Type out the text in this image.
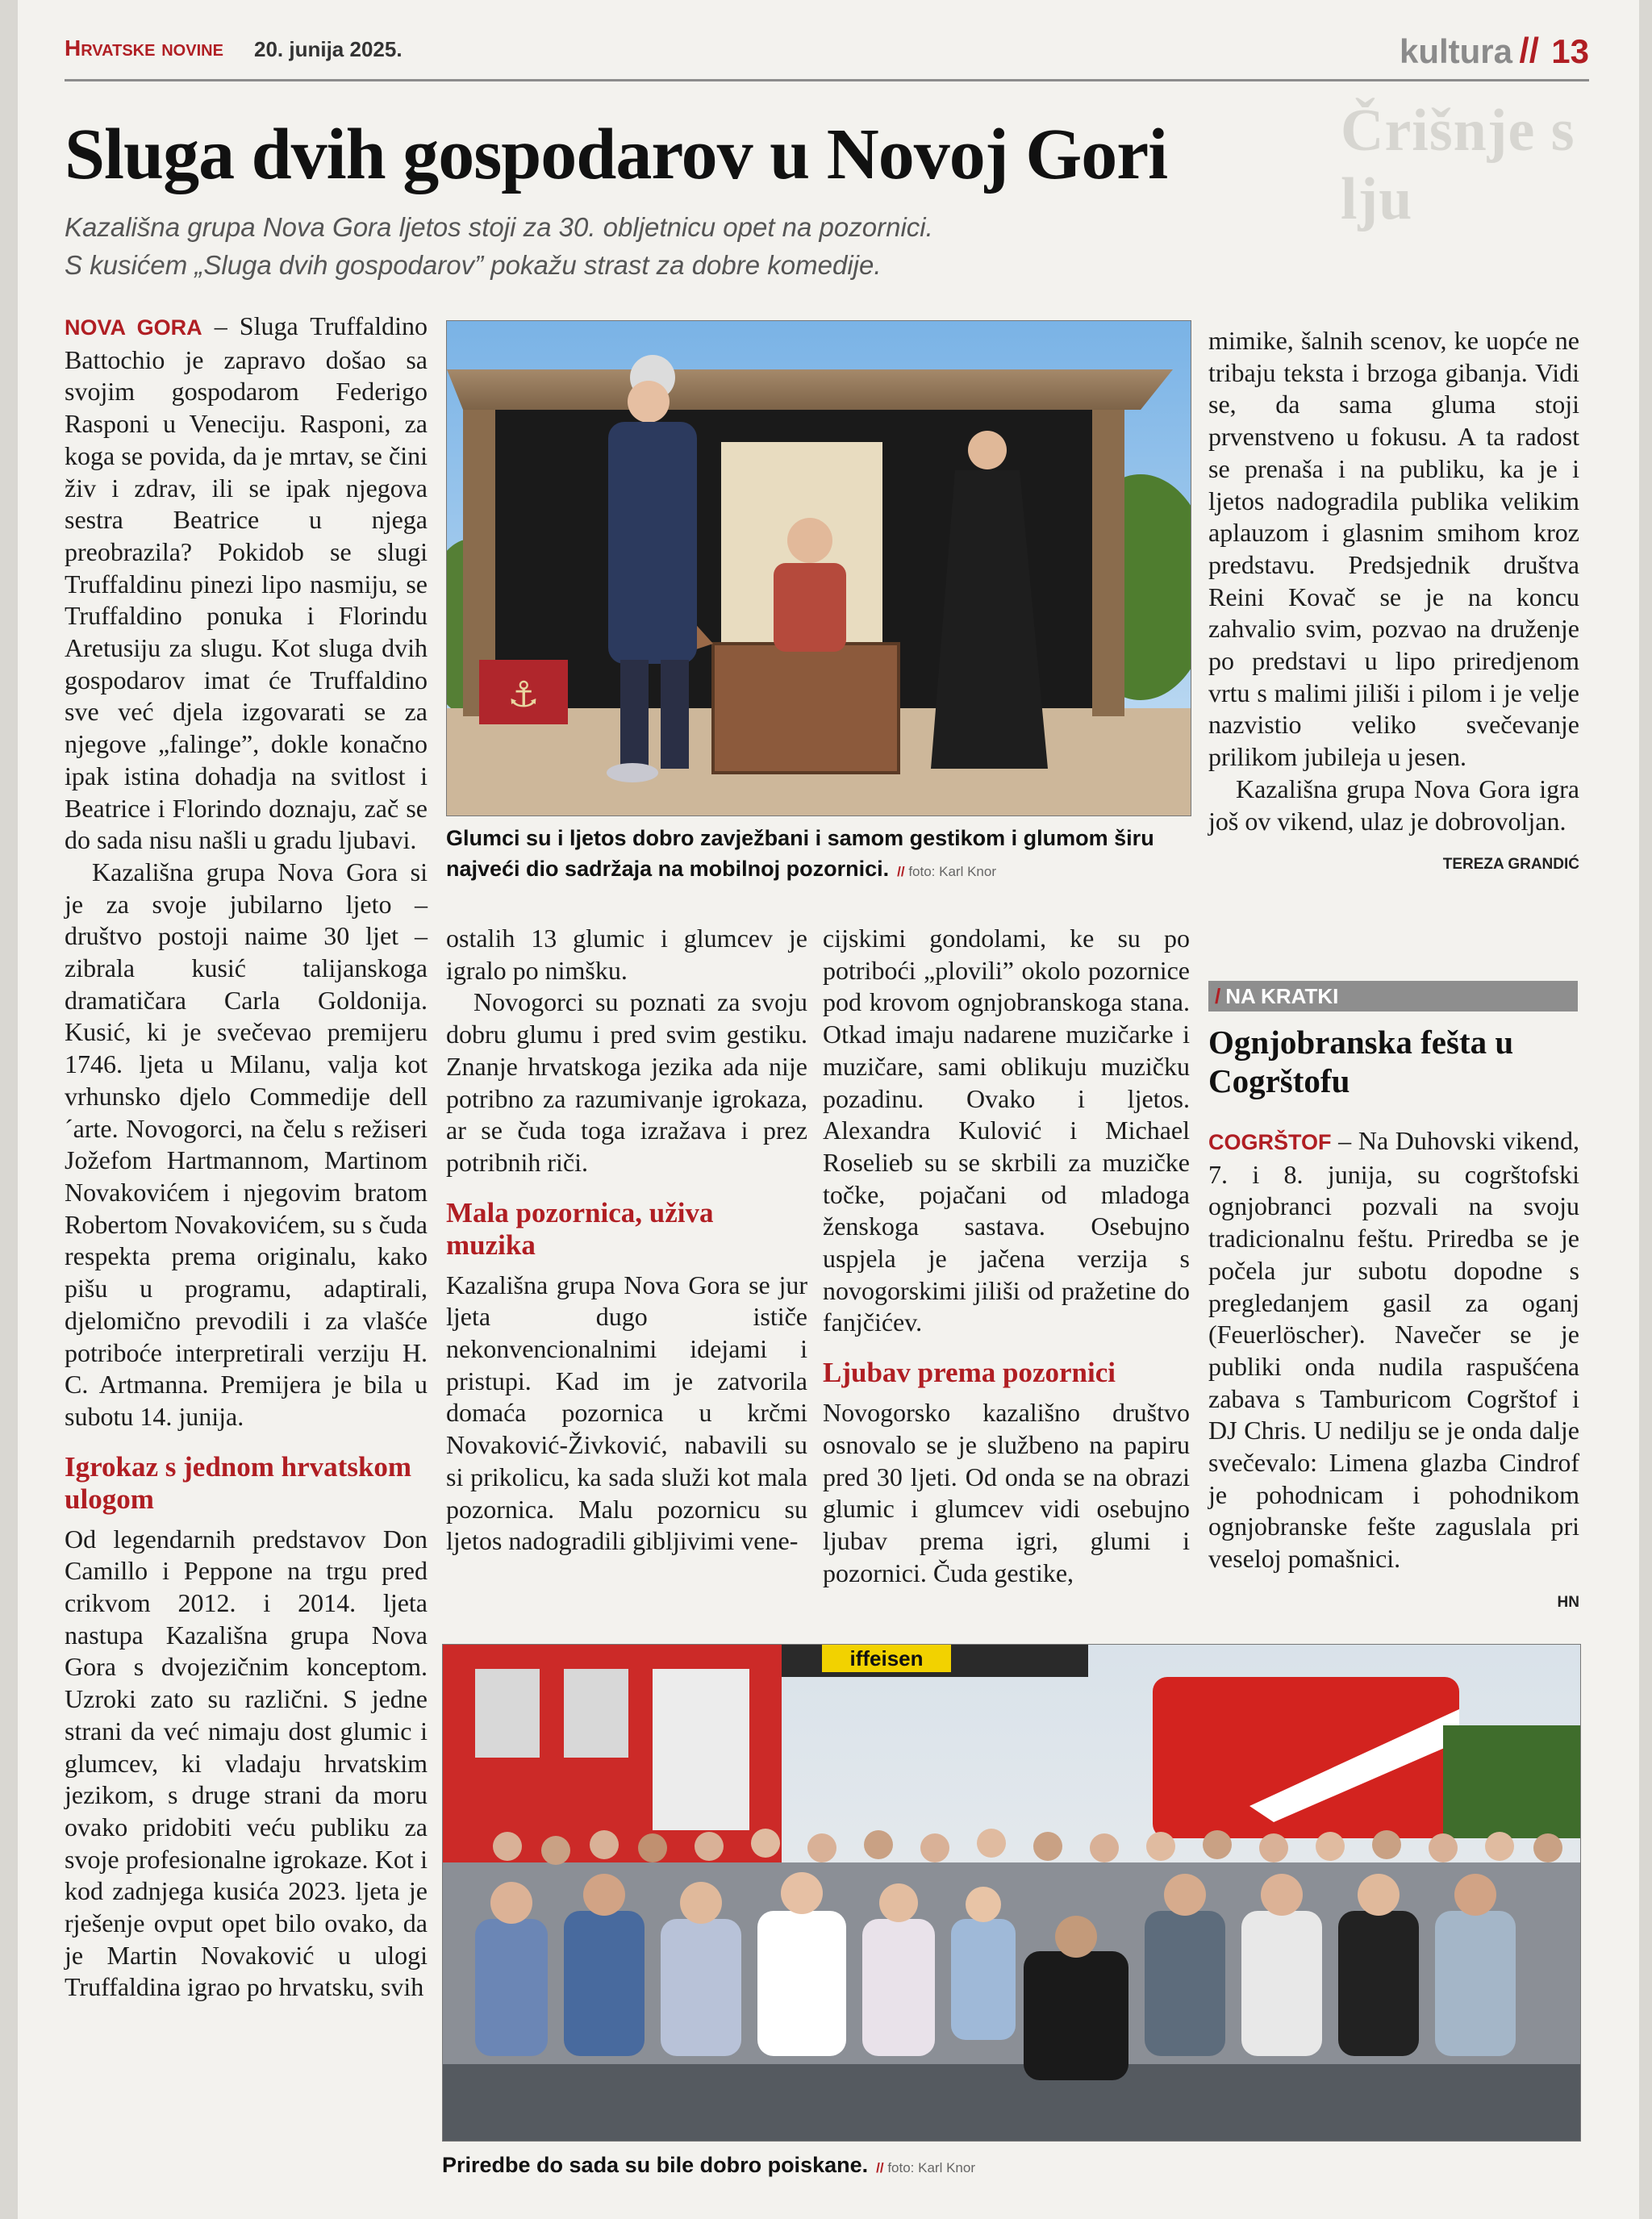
Črišnje s lju
Hrvatske novine 20. junija 2025.	kultura // 13
Sluga dvih gospodarov u Novoj Gori
Kazališna grupa Nova Gora ljetos stoji za 30. obljetnicu opet na pozornici.
S kusićem „Sluga dvih gospodarov” pokažu strast za dobre komedije.

NOVA GORA – Sluga Truffaldino Battochio je zapravo došao sa svojim gospodarom Federigo Rasponi u Veneciju. Rasponi, za koga se povida, da je mrtav, se čini živ i zdrav, ili se ipak njegova sestra Beatrice u njega preobrazila? Pokidob se slugi Truffaldinu pinezi lipo nasmiju, se Truffaldino ponuka i Florindu Aretusiju za slugu. Kot sluga dvih gospodarov imat će Truffaldino sve već djela izgovarati se za njegove „falinge”, dokle konačno ipak istina dohadja na svitlost i Beatrice i Florindo doznaju, zač se do sada nisu našli u gradu ljubavi.

Kazališna grupa Nova Gora si je za svoje jubilarno ljeto – društvo postoji naime 30 ljet – zibrala kusić talijanskoga dramatičara Carla Goldonija. Kusić, ki je svečevao premijeru 1746. ljeta u Milanu, valja kot vrhunsko djelo Commedije dell´arte. Novogorci, na čelu s režiseri Jožefom Hartmannom, Martinom Novakovićem i njegovim bratom Robertom Novakovićem, su s čuda respekta prema originalu, kako pišu u programu, adaptirali, djelomično prevodili i za vlašće potriboće interpretirali verziju H. C. Artmanna. Premijera je bila u subotu 14. junija.

Igrokaz s jednom hrvatskom ulogom

Od legendarnih predstavov Don Camillo i Peppone na trgu pred crikvom 2012. i 2014. ljeta nastupa Kazališna grupa Nova Gora s dvojezičnim konceptom. Uzroki zato su različni. S jedne strani da već nimaju dost glumic i glumcev, ki vladaju hrvatskim jezikom, s druge strani da moru ovako pridobiti veću publiku za svoje profesionalne igrokaze. Kot i kod zadnjega kusića 2023. ljeta je rješenje ovput opet bilo ovako, da je Martin Novaković u ulogi Truffaldina igrao po hrvatsku, svih

⚓
Glumci su i ljetos dobro zavježbani i samom gestikom i glumom širu najveći dio sadržaja na mobilnoj pozornici. // foto: Karl Knor

ostalih 13 glumic i glumcev je igralo po nimšku.

Novogorci su poznati za svoju dobru glumu i pred svim gestiku. Znanje hrvatskoga jezika ada nije potribno za razumivanje igrokaza, ar se čuda toga izražava i prez potribnih riči.

Mala pozornica, uživa muzika

Kazališna grupa Nova Gora se jur ljeta dugo ističe nekonvencionalnimi idejami i pristupi. Kad im je zatvorila domaća pozornica u krčmi Novaković-Živković, nabavili su si prikolicu, ka sada služi kot mala pozornica. Malu pozornicu su ljetos nadogradili gibljivimi vene-

cijskimi gondolami, ke su po potriboći „plovili” okolo pozornice pod krovom ognjobranskoga stana. Otkad imaju nadarene muzičarke i muzičare, sami oblikuju muzičku pozadinu. Ovako i ljetos. Alexandra Kulović i Michael Roselieb su se skrbili za muzičke točke, pojačani od mladoga ženskoga sastava. Osebujno uspjela je jačena verzija s novogorskimi jiliši od pražetine do fanjčićev.

Ljubav prema pozornici

Novogorsko kazališno društvo osnovalo se je službeno na papiru pred 30 ljeti. Od onda se na obrazi glumic i glumcev vidi osebujno ljubav prema igri, glumi i pozornici. Čuda gestike,

mimike, šalnih scenov, ke uopće ne tribaju teksta i brzoga gibanja. Vidi se, da sama gluma stoji prvenstveno u fokusu. A ta radost se prenaša i na publiku, ka je i ljetos nadogradila publika velikim aplauzom i glasnim smihom kroz predstavu. Predsjednik društva Reini Kovač se je na koncu zahvalio svim, pozvao na druženje po predstavi u lipo priredjenom vrtu s malimi jiliši i pilom i je velje nazvistio veliko svečevanje prilikom jubileja u jesen.

Kazališna grupa Nova Gora igra još ov vikend, ulaz je dobrovoljan.

TEREZA GRANDIĆ
/ NA KRATKI
Ognjobranska fešta u Cogrštofu

COGRŠTOF – Na Duhovski vikend, 7. i 8. junija, su cogrštofski ognjobranci pozvali na svoju tradicionalnu feštu. Priredba se je počela jur subotu dopodne s pregledanjem gasil za oganj (Feuerlöscher). Navečer se je publiki onda nudila raspušćena zabava s Tamburicom Cogrštof i DJ Chris. U nedilju se je onda dalje svečevalo: Limena glazba Cindrof je pohodnicam i pohodnikom ognjobranske fešte zaguslala pri veseloj pomašnici.

HN
iffeisen
Priredbe do sada su bile dobro poiskane. // foto: Karl Knor
